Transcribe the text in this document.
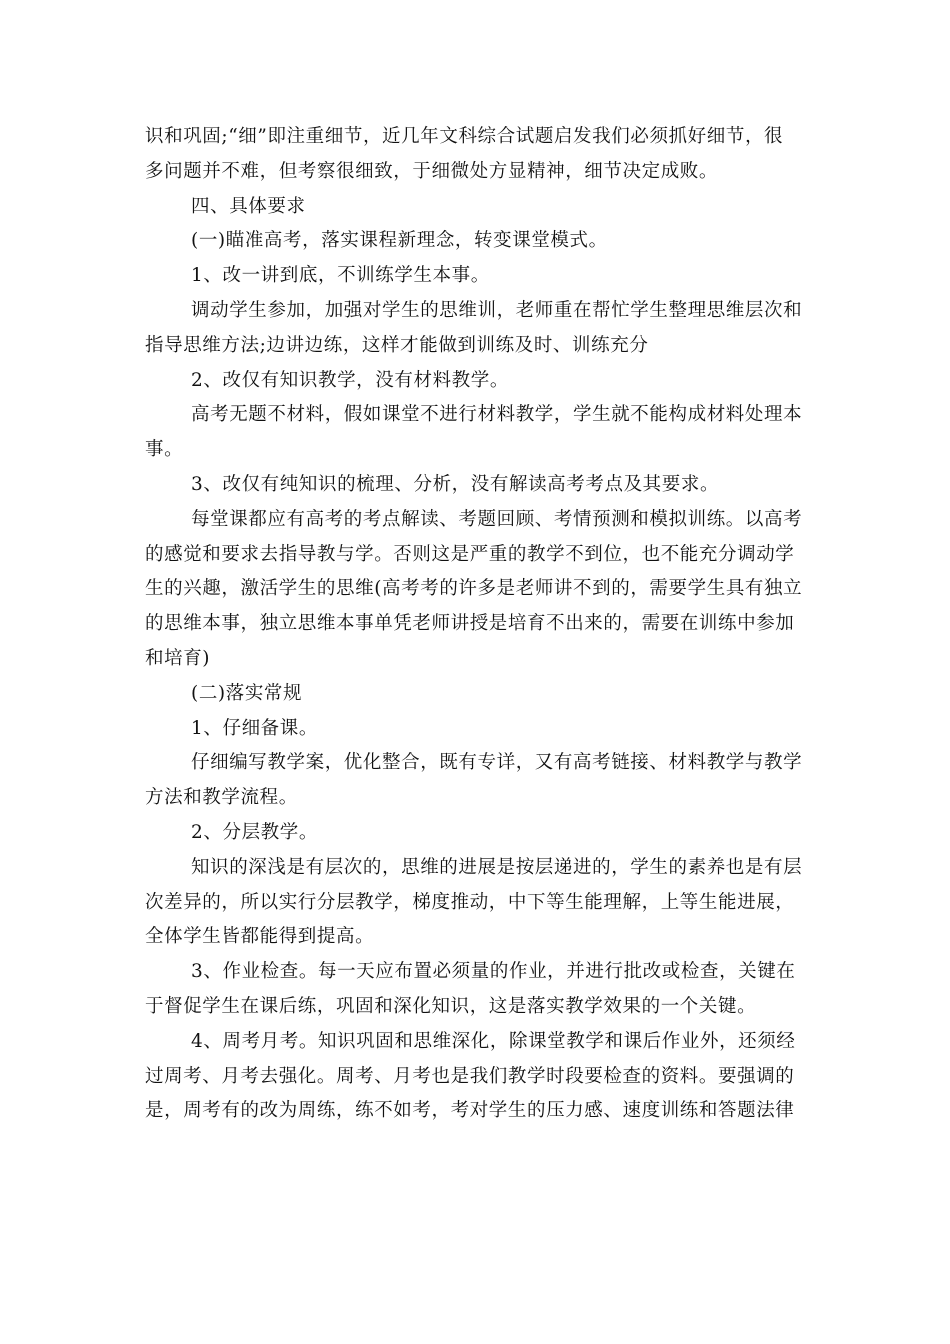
识和巩固;“细”即注重细节，近几年文科综合试题启发我们必须抓好细节，很
多问题并不难，但考察很细致，于细微处方显精神，细节决定成败。
四、具体要求
(一)瞄准高考，落实课程新理念，转变课堂模式。
1、改一讲到底，不训练学生本事。
调动学生参加，加强对学生的思维训，老师重在帮忙学生整理思维层次和
指导思维方法;边讲边练，这样才能做到训练及时、训练充分
2、改仅有知识教学，没有材料教学。
高考无题不材料，假如课堂不进行材料教学，学生就不能构成材料处理本
事。
3、改仅有纯知识的梳理、分析，没有解读高考考点及其要求。
每堂课都应有高考的考点解读、考题回顾、考情预测和模拟训练。以高考
的感觉和要求去指导教与学。否则这是严重的教学不到位，也不能充分调动学
生的兴趣，激活学生的思维(高考考的许多是老师讲不到的，需要学生具有独立
的思维本事，独立思维本事单凭老师讲授是培育不出来的，需要在训练中参加
和培育)
(二)落实常规
1、仔细备课。
仔细编写教学案，优化整合，既有专详，又有高考链接、材料教学与教学
方法和教学流程。
2、分层教学。
知识的深浅是有层次的，思维的进展是按层递进的，学生的素养也是有层
次差异的，所以实行分层教学，梯度推动，中下等生能理解，上等生能进展，
全体学生皆都能得到提高。
3、作业检查。每一天应布置必须量的作业，并进行批改或检查，关键在
于督促学生在课后练，巩固和深化知识，这是落实教学效果的一个关键。
4、周考月考。知识巩固和思维深化，除课堂教学和课后作业外，还须经
过周考、月考去强化。周考、月考也是我们教学时段要检查的资料。要强调的
是，周考有的改为周练，练不如考，考对学生的压力感、速度训练和答题法律
